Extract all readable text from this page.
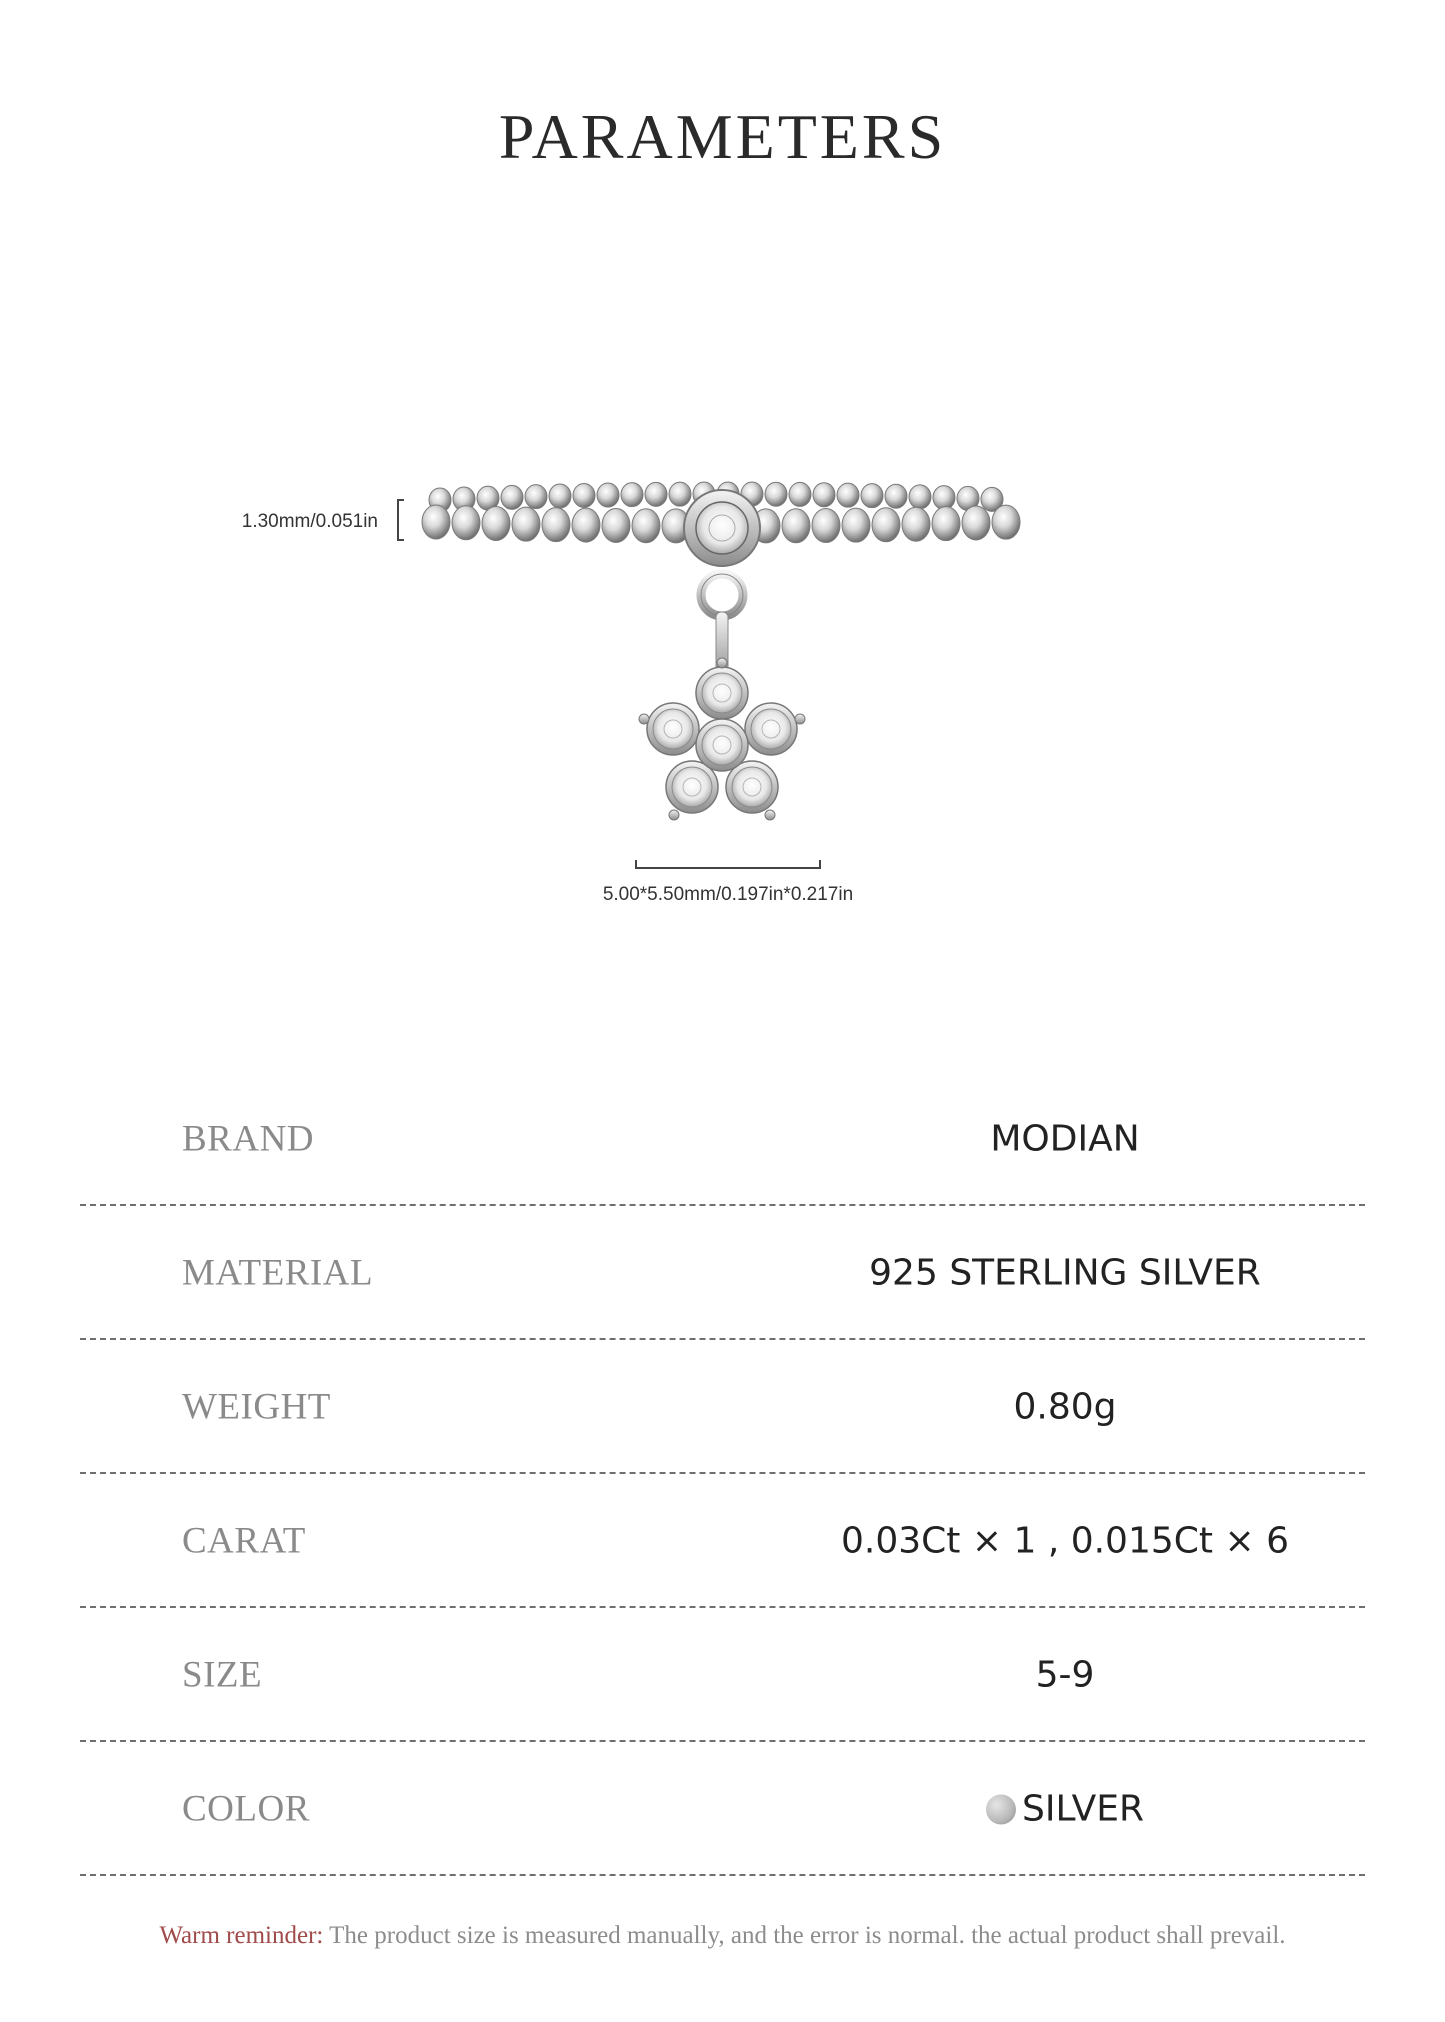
PARAMETERS
1.30mm/0.051in
5.00*5.50mm/0.197in*0.217in
BRAND	MODIAN
MATERIAL	925 STERLING SILVER
WEIGHT	0.80g
CARAT	0.03Ct × 1 , 0.015Ct × 6
SIZE	5-9
COLOR	SILVER
Warm reminder: The product size is measured manually, and the error is normal. the actual product shall prevail.
